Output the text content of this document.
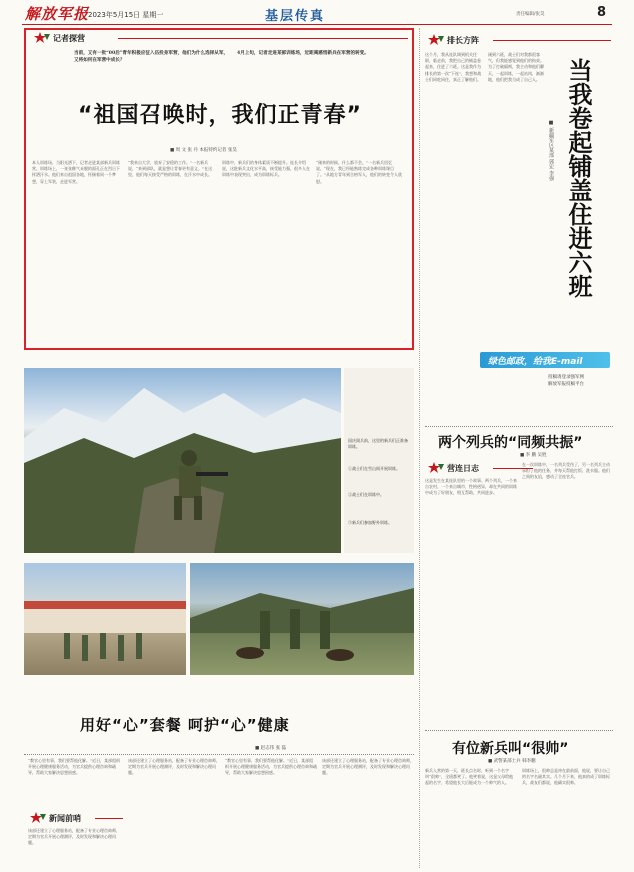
解放军报
2023年5月15日 星期一	基层传真	责任编辑/张昊	8
记者探营
当前，又有一批“00后”青年积极应征入伍投身军营，他们为什么选择从军，又将如何在军营中成长？
4月上旬，记者走进某部训练场，近距离感悟新兵在军营的转变。
“祖国召唤时，我们正青春”
■ 周 文 张 丹 本报特约记者 张昊
本人训练场，当阳光洒下，记者走进某部新兵训练营。训练场上，一张张稚气未脱的面孔正在烈日下挥洒汗水。他们来自祖国各地，怀揣着同一个梦想，穿上军装，走进军营。
“我来自大学，放弃了安稳的工作。”一名新兵说，“来到部队，就是想让青春更有意义。”在这里，他们每天接受严格的训练，在汗水中成长。
训练中，新兵们的身体素质不断提升。连长介绍说，这批新兵文化水平高，接受能力强，很多人在训练中表现突出，成为训练标兵。
“刚来的时候，什么都不会。”一名新兵回忆说，“现在，我已经能熟练完成各种训练课目了。”从地方青年到合格军人，他们的转变令人欣慰。
排长方阵
这个月，我从连队调到机关任职，临走前，我把自己的铺盖卷起来，住进了六班。这是我作为排长的第一次“下连”，我想和战士们同吃同住，真正了解他们。
刚到六班，战士们对我都很客气，但我能感觉到他们的拘束。为了打破隔阂，我主动和他们聊天，一起训练，一起站岗，渐渐地，他们把我当成了自己人。 当我卷起铺盖住进六班
■ 新疆军区某部 郭宏 李强
绿色邮政，给我E-mail
投稿请登录强军网
解放军报投稿平台
国庆阅兵前，这里的新兵们正准备训练。
①战士们在雪山间开展训练。
②战士们在训练中。
③新兵们参加野外训练。
两个列兵的“同频共振”
■ 李 鹏 吴胜
营连日志
这是发生在某连队里的一个故事。两个列兵，一个来自农村，一个来自城市，性格迥异，却在共同的训练中成为了好朋友，相互帮助，共同进步。
在一次训练中，一名列兵受伤了，另一名列兵主动承担了他的任务，并每天帮他打饭、洗衣服。他们之间的友谊，感动了全连官兵。
用好“心”套餐 呵护“心”健康
■ 赵志伟 张 磊
“教官心里有事，我们要帮他化解。”近日，某部组织开展心理健康服务活动，为官兵提供心理咨询和疏导，帮助大家解决思想困惑。
该部还建立了心理服务站，配备了专业心理咨询师，定期为官兵开展心理测评，及时发现和解决心理问题。
“教官心里有事，我们要帮他化解。”近日，某部组织开展心理健康服务活动，为官兵提供心理咨询和疏导，帮助大家解决思想困惑。
该部还建立了心理服务站，配备了专业心理咨询师，定期为官兵开展心理测评，及时发现和解决心理问题。
新闻前哨
该部还建立了心理服务站，配备了专业心理咨询师，定期为官兵开展心理测评，及时发现和解决心理问题。
有位新兵叫“很帅”
■ 武警某部士兵 韩李鹏
新兵入营的第一天，班长点名时，听到一个名字叫“很帅”，全班都笑了。他笑着说，这是父母给他起的名字，希望他长大后能成为一个帅气的人。
训练场上，很帅总是冲在最前面，他说，要让自己的名字名副其实。几个月下来，他真的成了训练标兵，战友们都说，他确实很帅。
